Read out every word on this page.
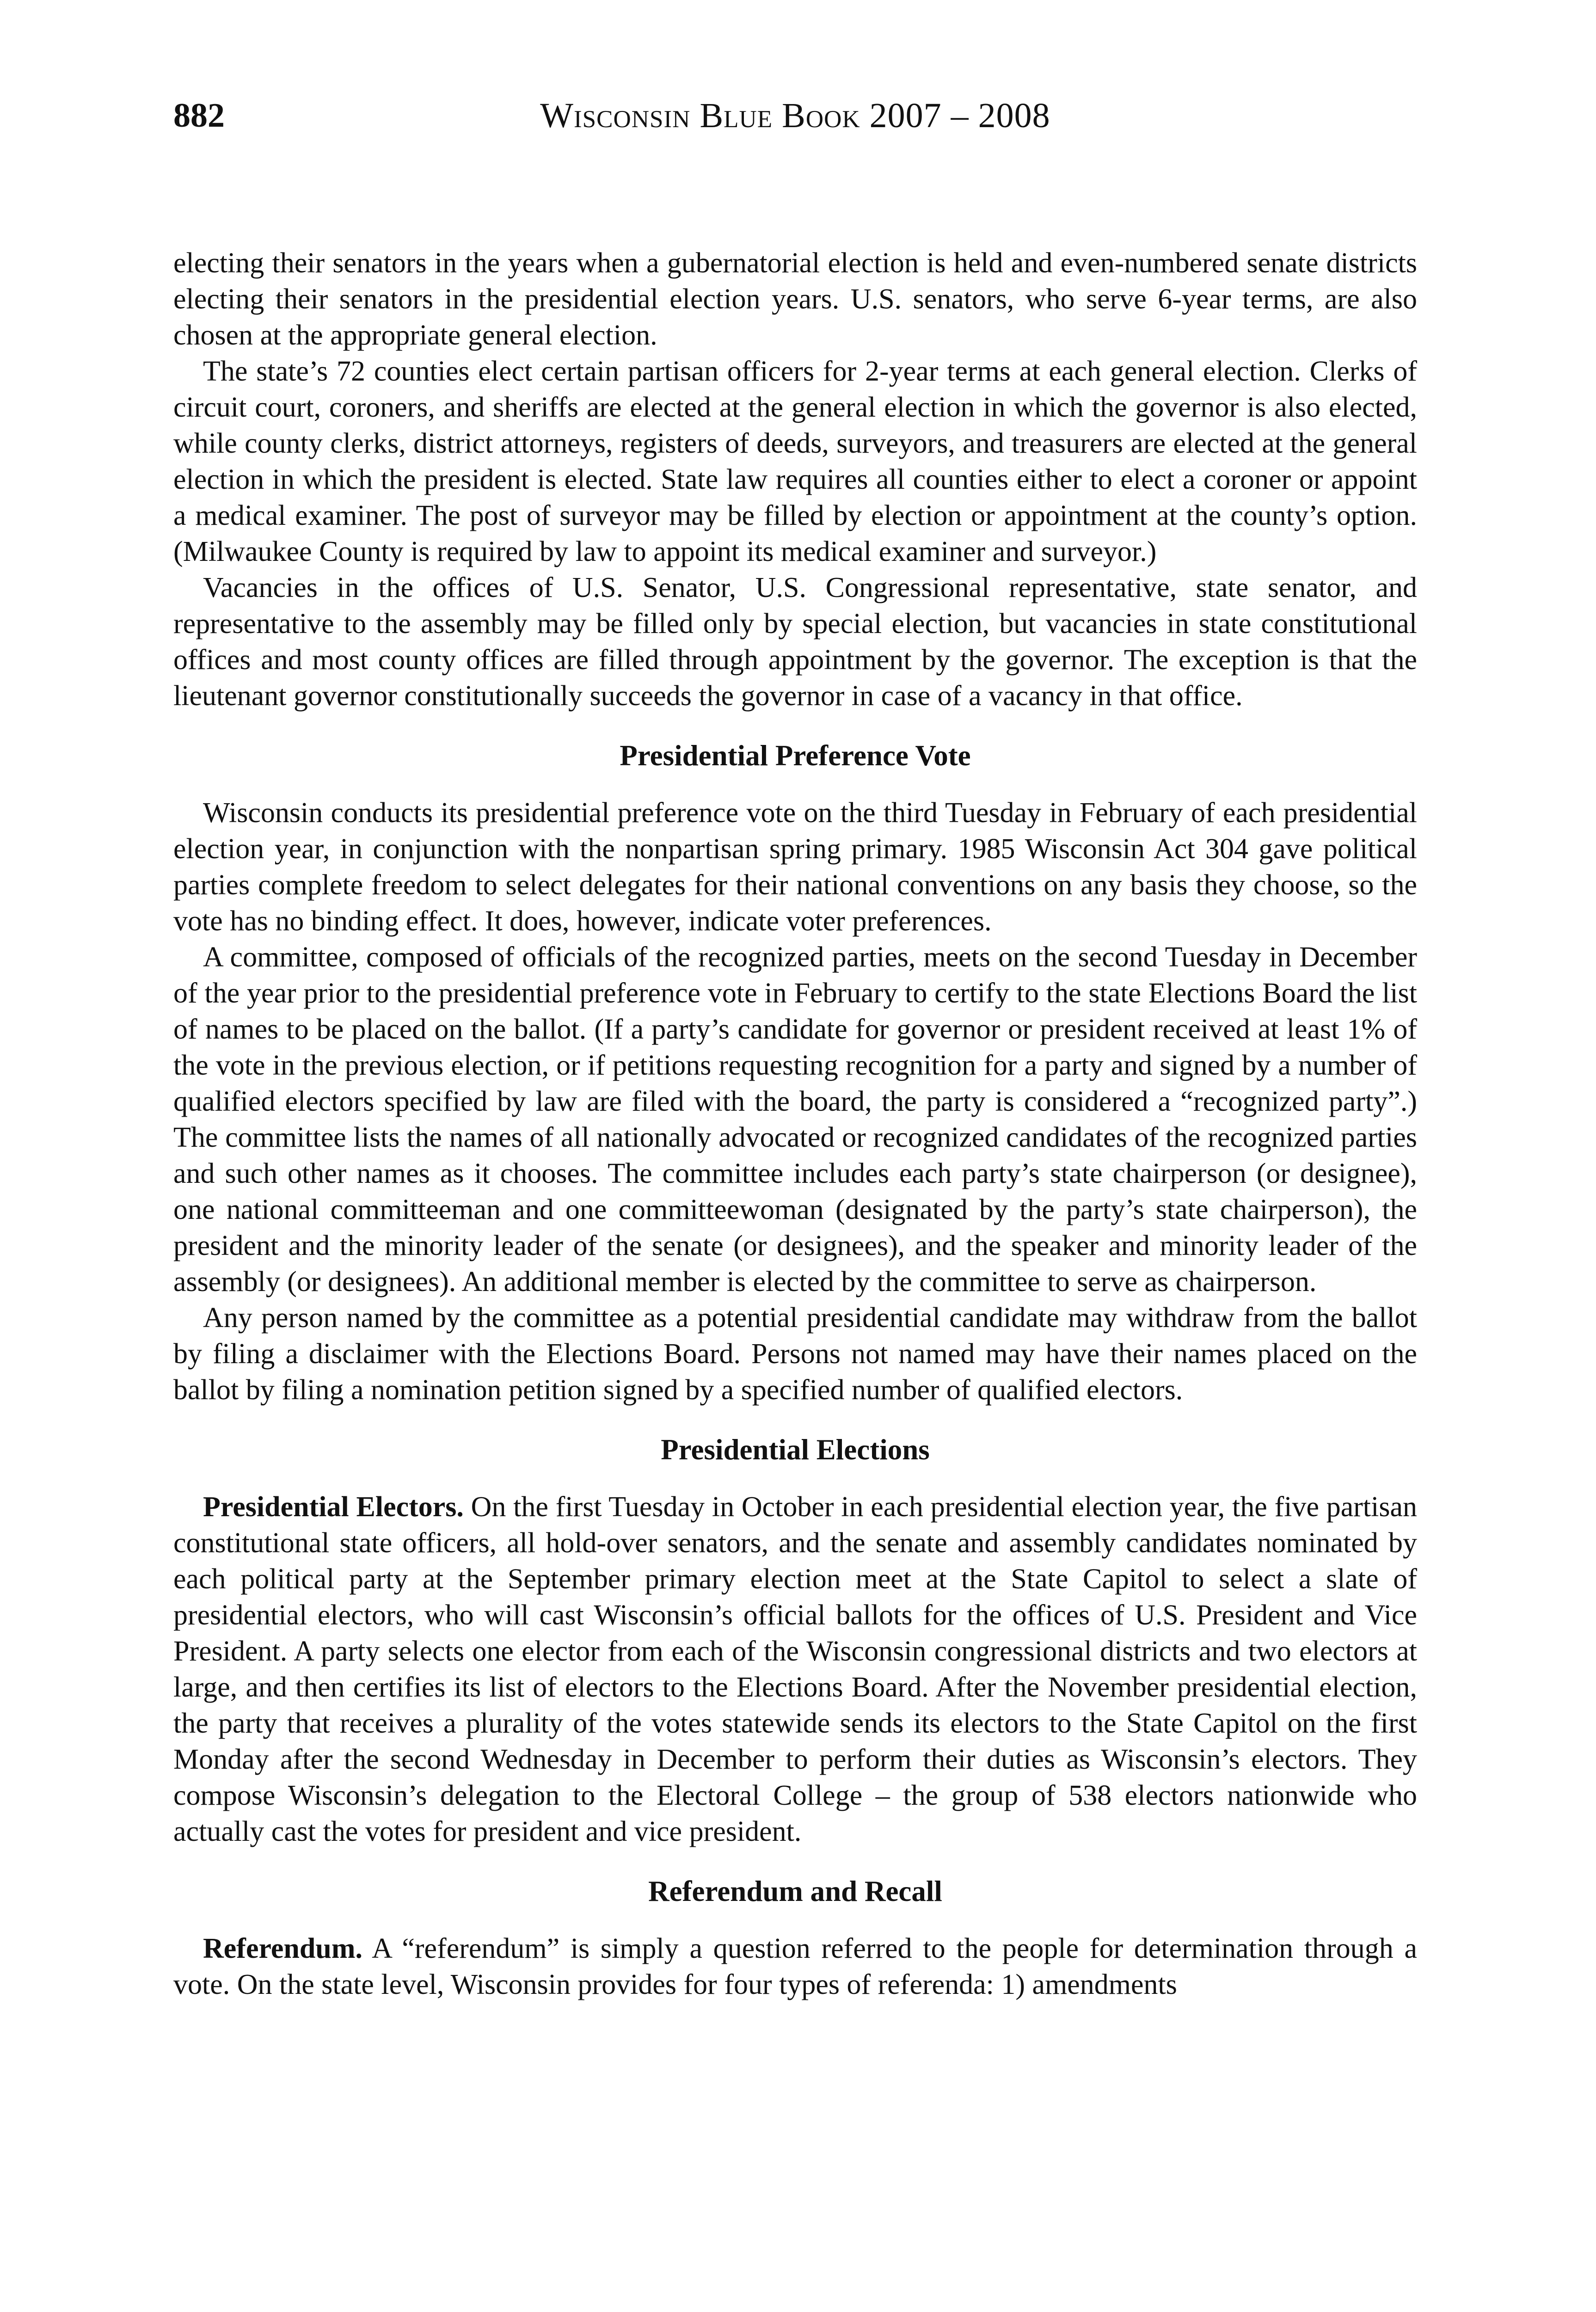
882	Wisconsin Blue Book 2007 – 2008

electing their senators in the years when a gubernatorial election is held and even-numbered senate districts electing their senators in the presidential election years. U.S. senators, who serve 6-year terms, are also chosen at the appropriate general election.

The state’s 72 counties elect certain partisan officers for 2-year terms at each general election. Clerks of circuit court, coroners, and sheriffs are elected at the general election in which the governor is also elected, while county clerks, district attorneys, registers of deeds, surveyors, and treasurers are elected at the general election in which the president is elected. State law requires all counties either to elect a coroner or appoint a medical examiner. The post of surveyor may be filled by election or appointment at the county’s option. (Milwaukee County is required by law to appoint its medical examiner and surveyor.)

Vacancies in the offices of U.S. Senator, U.S. Congressional representative, state senator, and representative to the assembly may be filled only by special election, but vacancies in state constitutional offices and most county offices are filled through appointment by the governor. The exception is that the lieutenant governor constitutionally succeeds the governor in case of a vacancy in that office.

Presidential Preference Vote

Wisconsin conducts its presidential preference vote on the third Tuesday in February of each presidential election year, in conjunction with the nonpartisan spring primary. 1985 Wisconsin Act 304 gave political parties complete freedom to select delegates for their national conventions on any basis they choose, so the vote has no binding effect. It does, however, indicate voter preferences.

A committee, composed of officials of the recognized parties, meets on the second Tuesday in December of the year prior to the presidential preference vote in February to certify to the state Elections Board the list of names to be placed on the ballot. (If a party’s candidate for governor or president received at least 1% of the vote in the previous election, or if petitions requesting recognition for a party and signed by a number of qualified electors specified by law are filed with the board, the party is considered a “recognized party”.) The committee lists the names of all nationally advocated or recognized candidates of the recognized parties and such other names as it chooses. The committee includes each party’s state chairperson (or designee), one national committeeman and one committeewoman (designated by the party’s state chairperson), the president and the minority leader of the senate (or designees), and the speaker and minority leader of the assembly (or designees). An additional member is elected by the committee to serve as chairperson.

Any person named by the committee as a potential presidential candidate may withdraw from the ballot by filing a disclaimer with the Elections Board. Persons not named may have their names placed on the ballot by filing a nomination petition signed by a specified number of qualified electors.

Presidential Elections

Presidential Electors. On the first Tuesday in October in each presidential election year, the five partisan constitutional state officers, all hold-over senators, and the senate and assembly candidates nominated by each political party at the September primary election meet at the State Capitol to select a slate of presidential electors, who will cast Wisconsin’s official ballots for the offices of U.S. President and Vice President. A party selects one elector from each of the Wisconsin congressional districts and two electors at large, and then certifies its list of electors to the Elections Board. After the November presidential election, the party that receives a plurality of the votes statewide sends its electors to the State Capitol on the first Monday after the second Wednesday in December to perform their duties as Wisconsin’s electors. They compose Wisconsin’s delegation to the Electoral College – the group of 538 electors nationwide who actually cast the votes for president and vice president.

Referendum and Recall

Referendum. A “referendum” is simply a question referred to the people for determination through a vote. On the state level, Wisconsin provides for four types of referenda: 1) amendments
